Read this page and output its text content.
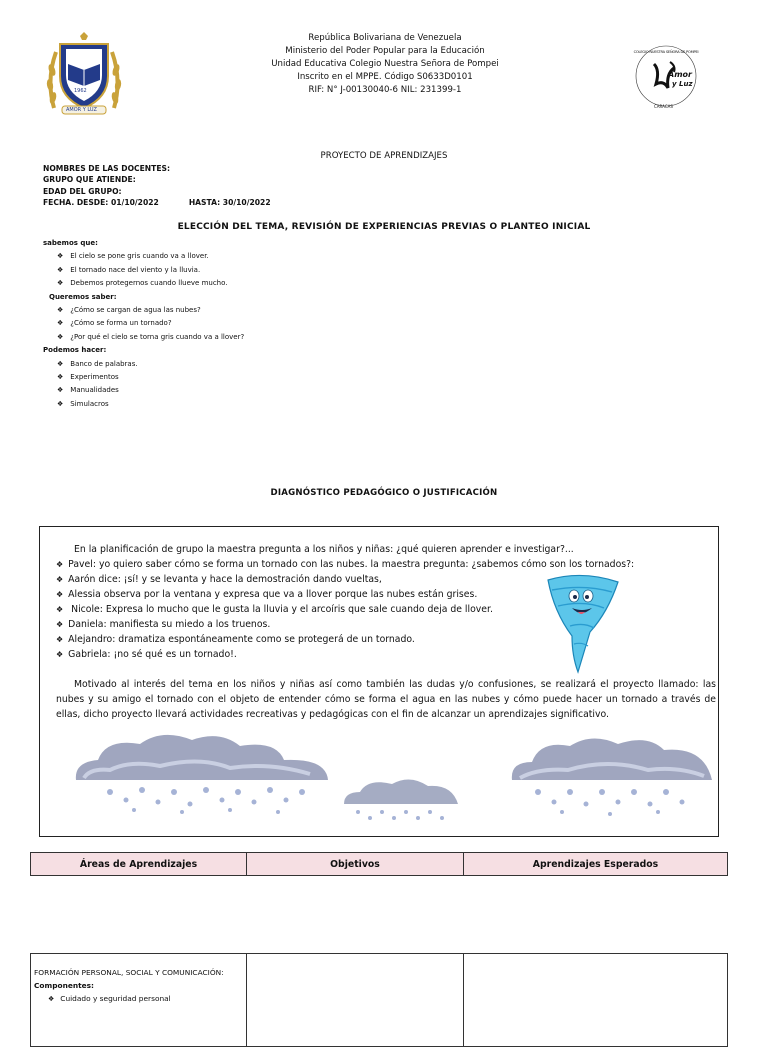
1962
AMOR Y LUZ
República Bolivariana de Venezuela
Ministerio del Poder Popular para la Educación
Unidad Educativa Colegio Nuestra Señora de Pompei
Inscrito en el MPPE. Código S0633D0101
RIF: N° J-00130040-6 NIL: 231399-1
COLEGIO NUESTRA SEÑORA DE POMPEI
Amor
y Luz
CARACAS
PROYECTO DE APRENDIZAJES
NOMBRES DE LAS DOCENTES:
GRUPO QUE ATIENDE:
EDAD DEL GRUPO:
FECHA. DESDE: 01/10/2022	HASTA: 30/10/2022
ELECCIÓN DEL TEMA, REVISIÓN DE EXPERIENCIAS PREVIAS O PLANTEO INICIAL
sabemos que:
❖ El cielo se pone gris cuando va a llover.
❖ El tornado nace del viento y la lluvia.
❖ Debemos protegernos cuando llueve mucho.
Queremos saber:
❖ ¿Cómo se cargan de agua las nubes?
❖ ¿Cómo se forma un tornado?
❖ ¿Por qué el cielo se torna gris cuando va a llover?
Podemos hacer:
❖ Banco de palabras.
❖ Experimentos
❖ Manualidades
❖ Simulacros
DIAGNÓSTICO PEDAGÓGICO O JUSTIFICACIÓN

En la planificación de grupo la maestra pregunta a los niños y niñas: ¿qué quieren aprender e investigar?...

❖ Pavel: yo quiero saber cómo se forma un tornado con las nubes. la maestra pregunta: ¿sabemos cómo son los tornados?:
❖ Aarón dice: ¡sí! y se levanta y hace la demostración dando vueltas,
❖ Alessia observa por la ventana y expresa que va a llover porque las nubes están grises.
❖ Nicole: Expresa lo mucho que le gusta la lluvia y el arcoíris que sale cuando deja de llover.
❖ Daniela: manifiesta su miedo a los truenos.
❖ Alejandro: dramatiza espontáneamente como se protegerá de un tornado.
❖ Gabriela: ¡no sé qué es un tornado!.

Motivado al interés del tema en los niños y niñas así como también las dudas y/o confusiones, se realizará el proyecto llamado: las nubes y su amigo el tornado con el objeto de entender cómo se forma el agua en las nubes y cómo puede hacer un tornado a través de ellas, dicho proyecto llevará actividades recreativas y pedagógicas con el fin de alcanzar un aprendizajes significativo.

Áreas de Aprendizajes	Objetivos	Aprendizajes Esperados
FORMACIÓN PERSONAL, SOCIAL Y COMUNICACIÓN:
Componentes:
❖ Cuidado y seguridad personal
